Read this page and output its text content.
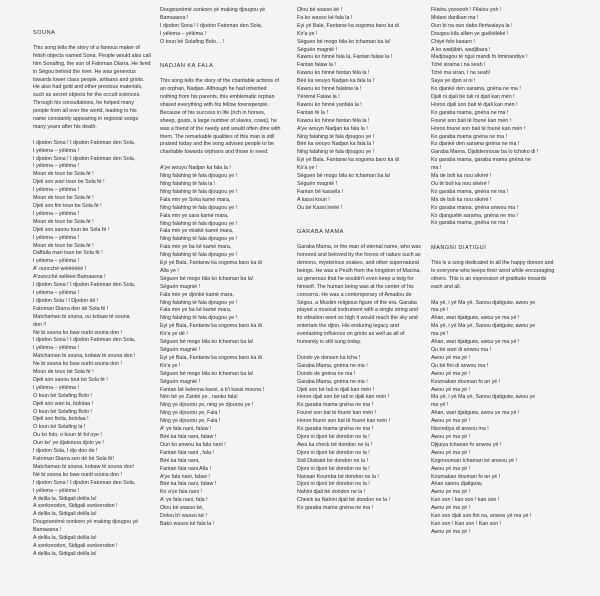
SOUNA
This song tells the story of a famous maker of fetish objects named Sona. People would also call him Sonafing, the son of Fatoman Diarra. He lived in Ségou behind the river. He was generous towards lower class people, artisans and griots. He also had gold and other precious materials, such as secret objects for the occult sciences. Through his consultations, he helped many people from all over the world, leading to his name constantly appearing in regional songs many years after his death.
I djodon Sona ! I djodon Fatoman den Sola,
I yélema – yéléma !
I djodon Sona ! I djodon Fatoman den Sola,
I yélema – yéléma !
Moun de toun be Sola fé !
Djeli son wari toun be Sola fé !
I yélema – yéléma !
Moun de toun be Sola fé !
Djeli son fini toun be Sola fé !
I yélema – yéléma !
Moun de toun be Sola fé !
Djeli son sanou toun be Sola fé !
I yélema – yéléma !
Moun de toun be Sola fé !
Daffalla mari toun be Sola fé !
I yélema – yéléma !
A' ouncché welééééé !
A'ouncché wéléee Bamaasna !
I djodon Sona ! I djodon Fatoman den Sola,
I yélema – yéléma !
I djodon Sola ! I Djodon dé !
Fatoman Diarra den dé Sola fé !
Matchaman bi souna, ou kobaw té souna
don !!
Ne bi souna ko baw ourbi souna don !
I djodon Sona ! I djodon Fatoman den Sola,
I yélema – yéléma !
Matchaman bi souna, kobaw té souna don !
Ne bi souna ko baw ourbi souna don !
Moun de toun bé Sola fé !
Djeli son sanou tout bé Sola fé !
I yélema – yéléma !
O toun bé Solafing Bolo !
Djeli son wari la, bololaa !
O toun bé Solafing Bolo !
Djeli son finila, bololaa !
O toun bé Solafing la !
Ou ko folo, o koun té fol oye !
Oun ko' ye djakouna djolo ye !
I djodon Sola, I djo don de !
Fatoman Diarra sen dé bé Sola fé!
Matchaman bi souna, kobaw té souna don!
Né bi souna ko baw ourdi souna don !
I djodon Sona ! I djodon Fatoman den Sola,
I yélema – yéléma !
A delila la, Sidigali delila la!
A sonkorodon, Sidigali sonkorodon !
A delila la, Sidigali delila la!
Dougounémé sonkoro yé making djougou yé
Bamaasna !
A delila la, Sidigali delila la!
A sonkorodon, Sidigali sonkorodon !
A delila la, Sidigali delila la!
Dougounémé sonkoro yé making djougou yé
Bamaasna !
I djodon Sona ! I djodon Fatoman den Sola,
I yélema – yéléma !
O toun bé Solafing Bolo… !
NADJAN KA FALA
This song tells the story of the charitable actions of an orphan, Nadjan. Although he had inherited nothing from his parents, this emblematic orphan shared everything with his fellow townspeople. Because of his success in life (rich in horses, sheep, goats, a large number of slaves, cows), he was a friend of the needy and would often dine with them. The remarkable qualities of this man is still praised today and the song advises people to be charitable towards orphans and those in need.
A'ye wouyo Nadjan ka fala la !
Ning falahing té fala djougou ye !
Ning falahing té fala la !
Ning falahing té fala djougou ye !
Fala min ye Soka kamé mara,
Ning falahing té fala djougou ye !
Fala min ye sara kamé mara,
Ning falahing té fala djougou ye !
Fala min ye misiké kamé mara,
Ning falahing té fala djougou ye !
Fala min ye ba ké kamé mara,
Ning falahing té fala djougou ye !
Eyi yé Bala, Fantanw ka sogoma baro ka di
Alla ye !
Séguen bé mogo bila ko tchaman ba la!
Séguén magnié !
Fala min ye djonké kamé mara,
Ning falahing té fala djougou ye !
Fala min ye ba ké kamé mara,
Ning falahing té fala djougou ye !
Eyi yé Bala, Fantanw ka sogoma baro ka di
Kir'a ye dé !
Séguen bé mogo bila ko tchaman ba la!
Séguén magnié !
Eyi yé Bala, Fantanw ka sogoma baro ka di
Kir'a ye !
Séguen bé mogo bila ko tchaman ba la!
Séguén magnié !
Fantan bé kelenna kassi, a b'i kassi mouna !
Nén bé ye Zanké ye , nanko fala!
Ning ye djourou ye, ning ye djourou ye !
Ning ye djourou ye, Fala !
Ning ye djourou ye, Fala !
A' ye fala nani, falaw !
Béé ka fala nani, falaw !
Oun ko anwou ka fala nani !
Fantan fala nani , fala !
Béé ka fala nani,
Fantan fala nani Alla !
A'ye fala nani, falaw !
Béé ka fala nani, falaw !
Ko a'ye fala nani !
A' ye fala nani, fala !
Olou bé wasso ké,
Dolou b'i wasso ké !
Bako wasso ké fala la !
Olou bé wasso ké !
Fa ko wasso ké fala la !
Eyi yé Bala, Fantanw ka sogoma baro ka di
Kir'a ye !
Séguen bé mogo bila ko tchaman ba la!
Séguén magnié !
Kawou ko hinné fala la, Fantan falaw la !
Fantan falaw la !
Kawou ko hinné fantan féla la !
Béé ka wouyo Nadjan ka fala la !
Kawou ko hinné falatow la !
Yérémé Falaw la !
Kawou ko hinné yanfala la !
Fantan fé la !
Kawou ko hinné fantan féla la !
A'ye wouyo Nadjan ka fala la !
Ning falahing té fala djougou ye !
Béé ka wouyo Nadjan ka fala la !
Ning falahing té fala djougou ye !
Eyi yé Bala, Fantanw ka sogoma baro ka di
Kir'a ye !
Séguen bé mogo bila ko tchaman ba la!
Séguén magnié !
Fantan bé kasséla !
A kassi koun !
Ou bé Kassi hééé !
GARABA MAMA
Garaba Mama, or the man of eternal name, who was honored and beloved by the forces of nature such as demons, mysterious snakes, and other supernatural beings. He was a Peulh from the kingdom of Macina, so generous that he wouldn't even keep a twig for himself. The human being was at the center of his concerns. He was a contemporary of Amadou de Ségou, a Muslim religious figure of the era. Garaba played a musical instrument with a single string and its vibration went so high it would reach the sky and entertain the djinn. His enduring legacy and everlasting influence on griots as well as all of humanity is still sung today.
Dondo ye donsen ka tcha !
Garaba Mama, gnéna ne ma !
Dondo de gnéna ne ma !
Garaba Mama, gnéna ne ma !
Djeli son bé tali ni djali kan mén !
Horon djali son bé tali ni djali kan mén !
Ko garaba mama gnéna ne ma !
Founé son bal té founé kan mén !
Horon founé son bal té founé kan mén !
Ko garaba mama gnéna ne ma !
Djoni ni djoni bé dondon ne la !
Awa ka check bé dondon ne la !
Djoni ni djoni bé dondon ne la !
Sidi Diabaté bé dondon ne la !
Djoni ni djoni bé dondon ne la !
Nansan Koumba bé dondon ne la !
Djoni ni djoni bé dondon ne la !
Nahini djali bé dondon ne la !
Cheick ka Nahini djali bé dondon ne la !
Ko garaba mama gnéna ne ma !
Filalou yoooooh ! Filalou yoh !
Midani danlkan ma !
Oun bi na oun dabo fleriwalaya la !
Dougou kila allien ye guékéléké !
Chiyé folo kasarn !
A ko wadjibiri, wadjibara !
Madjougou té ngui mandi fo timinandiye !
Tché sirama i na seah !
Tché ma siran, I na seah!
Saya ye djon si ni !
Ko djanké den sarama, gnéna ne ma !
Djali ni djali bé tali ni djali kan mén !
Horon djali son bali té djali kan mén !
Ko garaba mama, gnéna ne ma !
Founé son bali té founé kan mén !
Horon founé son bali té founé kan mén !
Ko garaba mama gnéna ne ma !
Ko djanké den sarama gnéna ne ma !
Garaba Mama, Djalidennouw ba lo tchoko di !
Ko garaba mama, garaba mama gnéna ne
ma !
Ma de boli ka nou sikéré !
Ou té boli ka nou sikéré !
Ko garaba mama, gnéna ne ma !
Ma de boli ka nou sikéré !
Ko garaba mama, gnéna anwou ma !
Ko djanguélé sarama, gnéna ne ma !
Ko garaba mama, gnéna ne ma !
MANGNI DIATIGUI
This is a song dedicated to all the happy donors and to everyone who keeps their word while encouraging others. This is an expression of gratitude towards each and all.
Ma yé, i yé Ma yé, Sanou djatiguiw, awou ye
ma yé !
Ahan, wari djatiguiw, awou ye ma yé !
Ma yé, i yé Ma yé, Sanou djatiguiw, awou ye
ma yé !
Ahan, wari djatiguiw, awou ye ma yé !
Ou bé wari di anwou ma !
Awou yé ma yé !
Ou bé fini di anwou ma !
Awou yé ma yé !
Koumakan douman fo an yé !
Awou yé ma yé !
Ma yé, i yé Ma yé, Sanou djatiguiw, awou ye
ma yé !
Ahan, wari djatiguiw, awou ye ma yé !
Awou ye ma yé !
Nisondiya di anwou ma !
Awou ye ma yé !
Djijuiya tchanan fo anwou yé !
Awou yé ma yé !
Kogmouman tchaman ké anwou yé !
Awou yé ma yé !
Koumakan douman fo an yé !
Ahan sanou djatiguiw,
Awou ye ma yé !
Kan son ! kan son ! kan son !
Awou yé ma yé !
Kan son djali son fini na, anwou yé ma yé !
Kan son ! Kan son ! Kan son !
Awou yé ma yé !
